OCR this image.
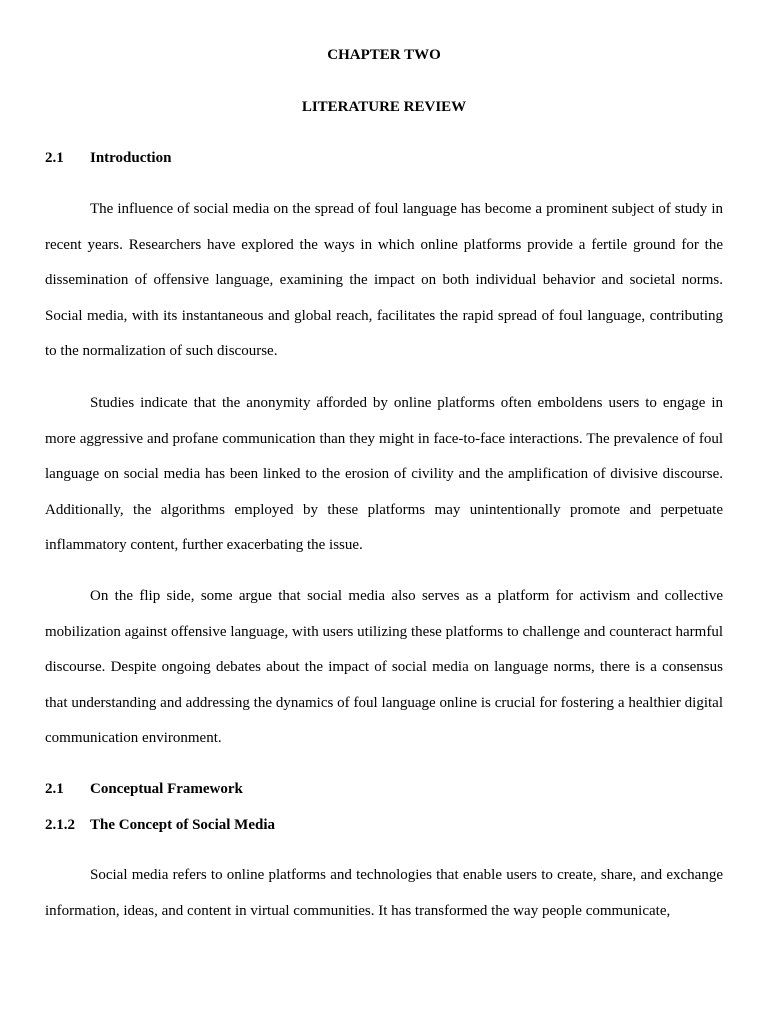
CHAPTER TWO
LITERATURE REVIEW
2.1 Introduction

The influence of social media on the spread of foul language has become a prominent subject of study in recent years. Researchers have explored the ways in which online platforms provide a fertile ground for the dissemination of offensive language, examining the impact on both individual behavior and societal norms. Social media, with its instantaneous and global reach, facilitates the rapid spread of foul language, contributing to the normalization of such discourse.

Studies indicate that the anonymity afforded by online platforms often emboldens users to engage in more aggressive and profane communication than they might in face-to-face interactions. The prevalence of foul language on social media has been linked to the erosion of civility and the amplification of divisive discourse. Additionally, the algorithms employed by these platforms may unintentionally promote and perpetuate inflammatory content, further exacerbating the issue.

On the flip side, some argue that social media also serves as a platform for activism and collective mobilization against offensive language, with users utilizing these platforms to challenge and counteract harmful discourse. Despite ongoing debates about the impact of social media on language norms, there is a consensus that understanding and addressing the dynamics of foul language online is crucial for fostering a healthier digital communication environment.

2.1 Conceptual Framework
2.1.2 The Concept of Social Media

Social media refers to online platforms and technologies that enable users to create, share, and exchange information, ideas, and content in virtual communities. It has transformed the way people communicate,
